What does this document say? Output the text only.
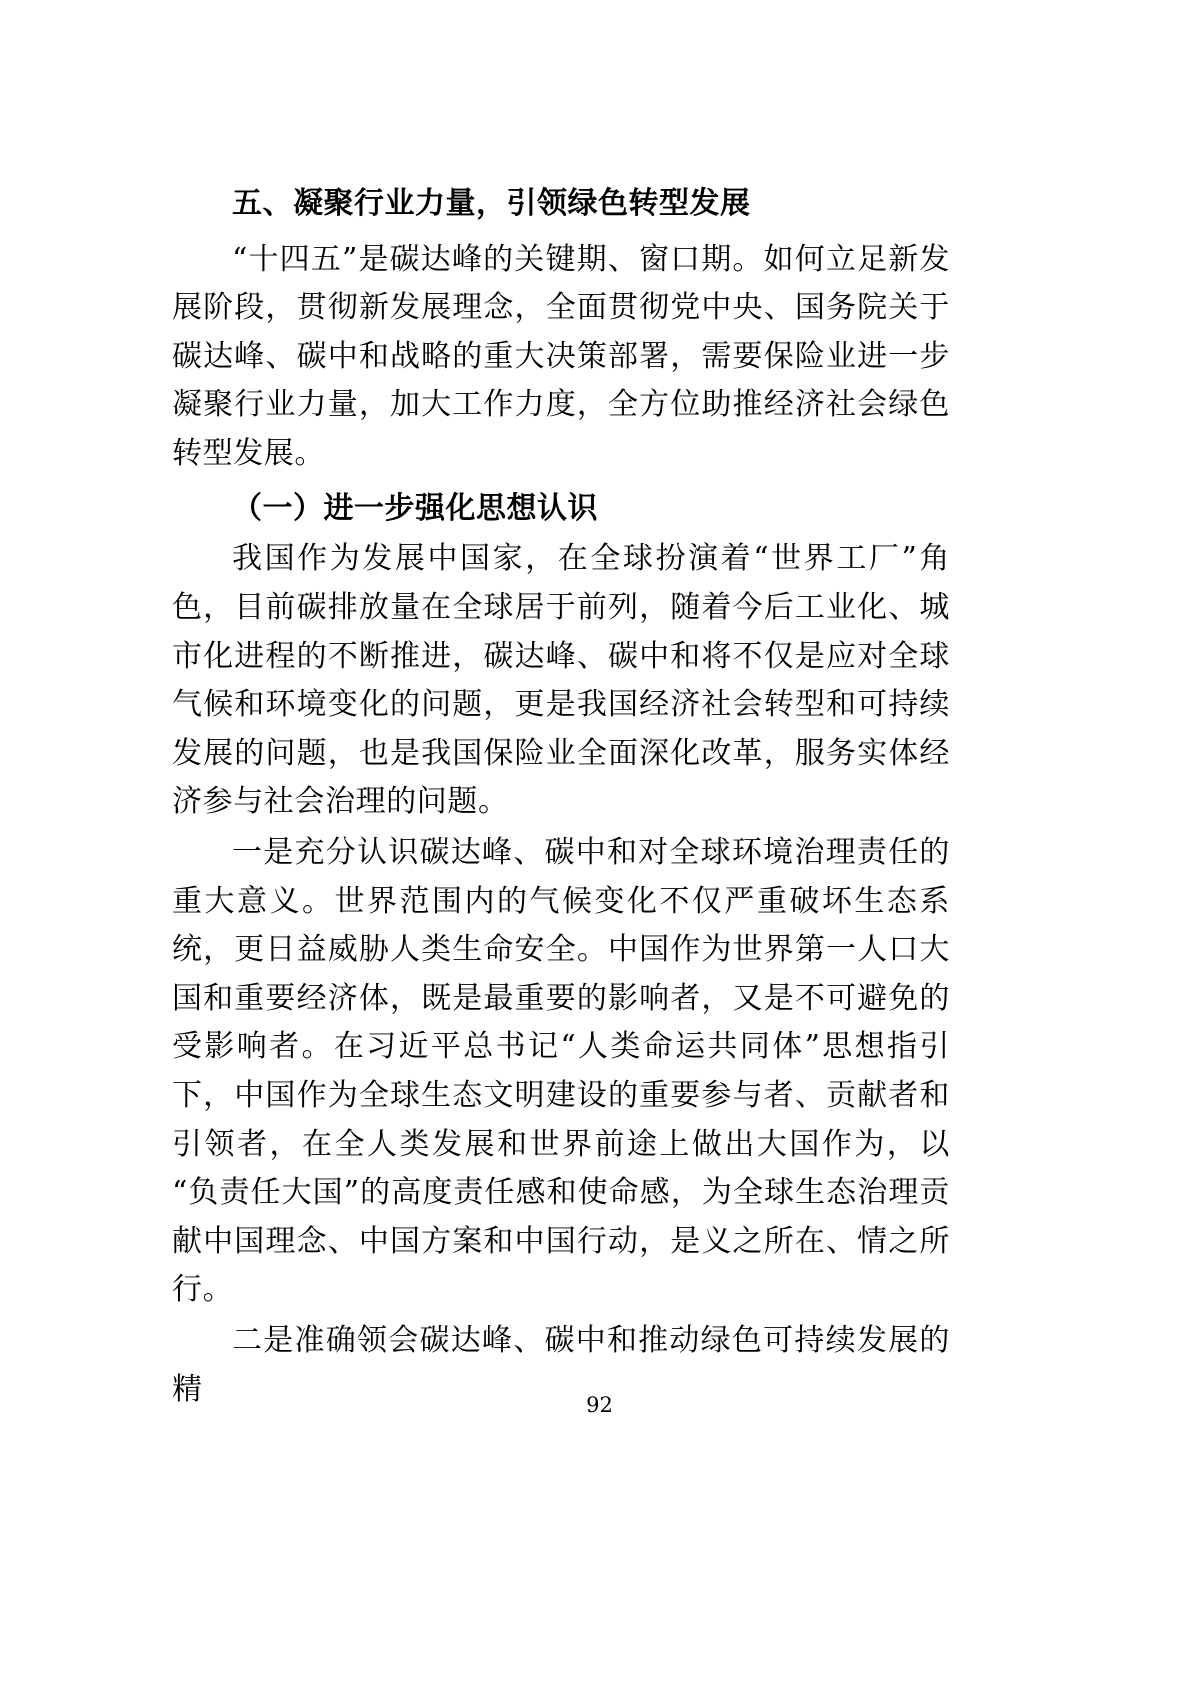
五、凝聚行业力量，引领绿色转型发展

“十四五”是碳达峰的关键期、窗口期。如何立足新发展阶段，贯彻新发展理念，全面贯彻党中央、国务院关于碳达峰、碳中和战略的重大决策部署，需要保险业进一步凝聚行业力量，加大工作力度，全方位助推经济社会绿色转型发展。

（一）进一步强化思想认识

我国作为发展中国家，在全球扮演着“世界工厂”角色，目前碳排放量在全球居于前列，随着今后工业化、城市化进程的不断推进，碳达峰、碳中和将不仅是应对全球气候和环境变化的问题，更是我国经济社会转型和可持续发展的问题，也是我国保险业全面深化改革，服务实体经济参与社会治理的问题。

一是充分认识碳达峰、碳中和对全球环境治理责任的重大意义。世界范围内的气候变化不仅严重破坏生态系统，更日益威胁人类生命安全。中国作为世界第一人口大国和重要经济体，既是最重要的影响者，又是不可避免的受影响者。在习近平总书记“人类命运共同体”思想指引下，中国作为全球生态文明建设的重要参与者、贡献者和引领者，在全人类发展和世界前途上做出大国作为，以“负责任大国”的高度责任感和使命感，为全球生态治理贡献中国理念、中国方案和中国行动，是义之所在、情之所行。

二是准确领会碳达峰、碳中和推动绿色可持续发展的精	92
